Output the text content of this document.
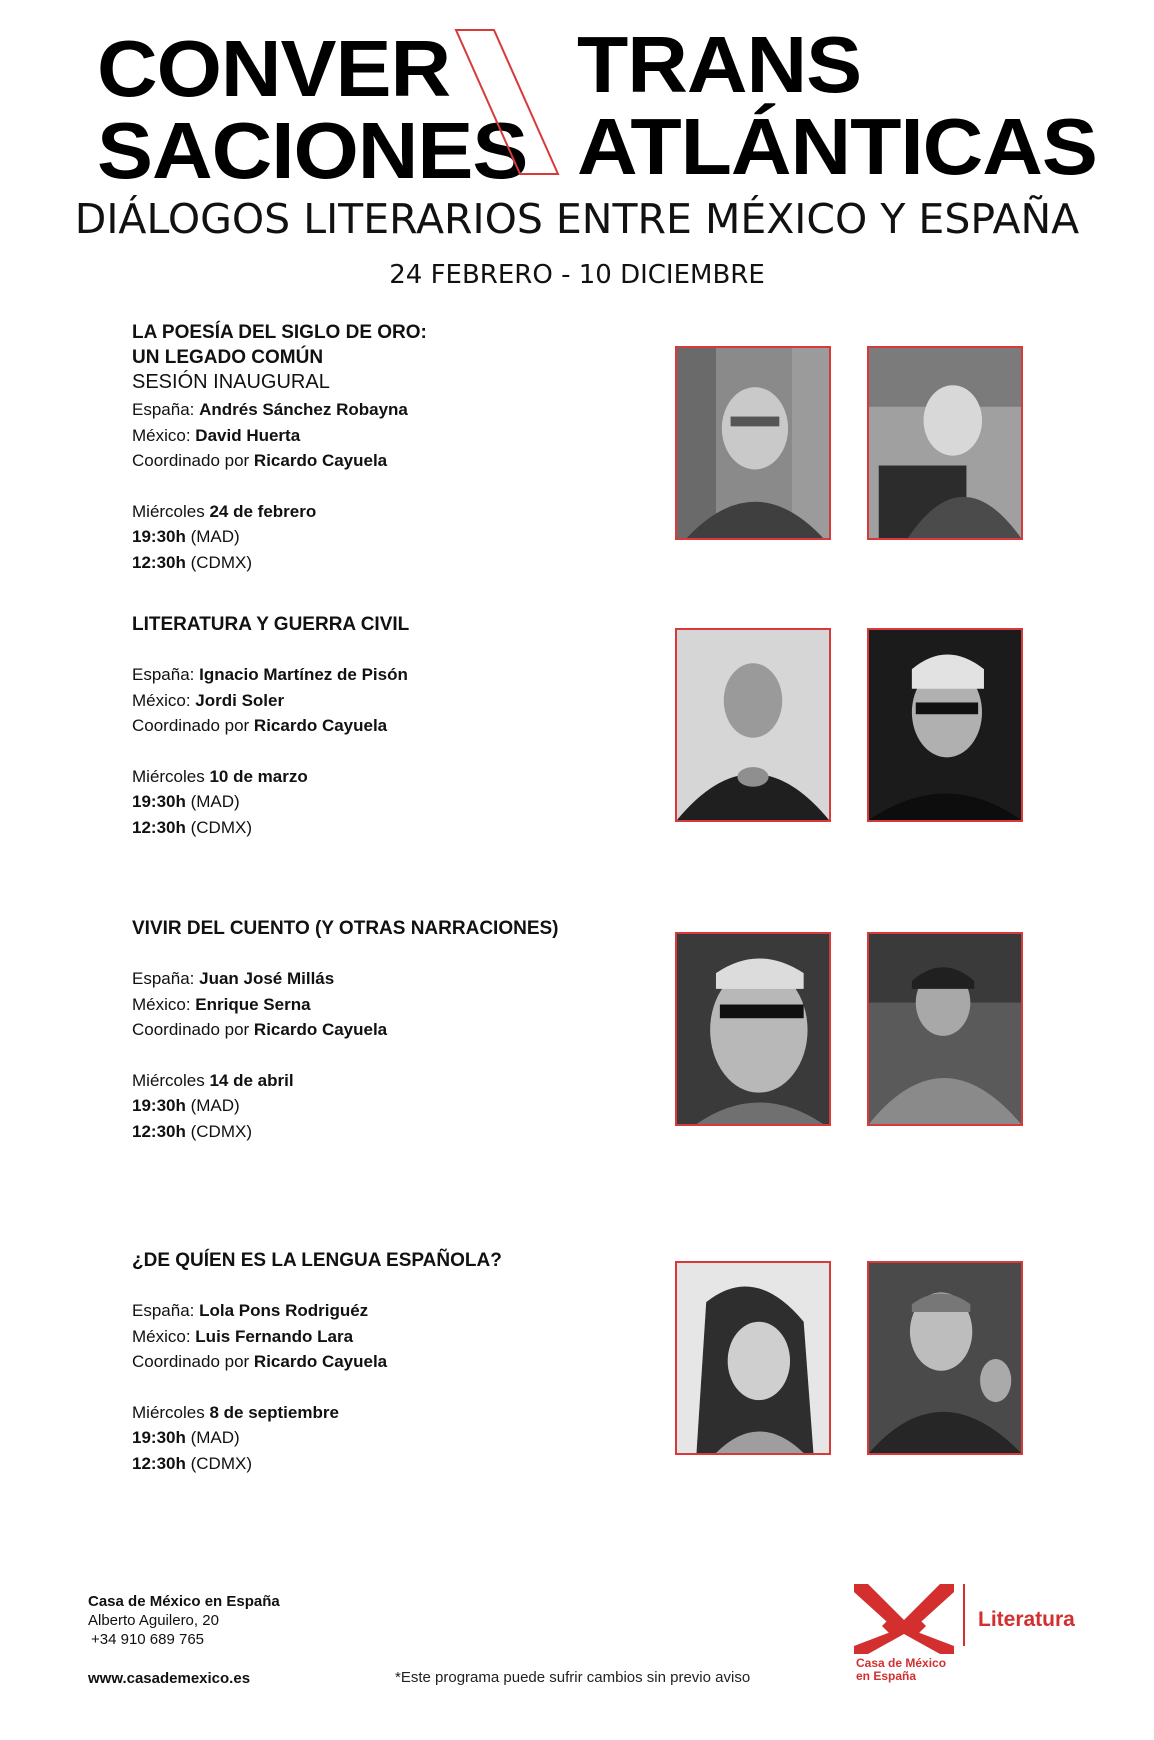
CONVER
SACIONES
TRANS
ATLÁNTICAS
DIÁLOGOS LITERARIOS ENTRE MÉXICO Y ESPAÑA
24 FEBRERO - 10 DICIEMBRE
LA POESÍA DEL SIGLO DE ORO:
UN LEGADO COMÚN
SESIÓN INAUGURAL
España: Andrés Sánchez Robayna
México: David Huerta
Coordinado por Ricardo Cayuela
Miércoles 24 de febrero
19:30h (MAD)
12:30h (CDMX)
LITERATURA Y GUERRA CIVIL
España: Ignacio Martínez de Pisón
México: Jordi Soler
Coordinado por Ricardo Cayuela
Miércoles 10 de marzo
19:30h (MAD)
12:30h (CDMX)
VIVIR DEL CUENTO (Y OTRAS NARRACIONES)
España: Juan José Millás
México: Enrique Serna
Coordinado por Ricardo Cayuela
Miércoles 14 de abril
19:30h (MAD)
12:30h (CDMX)
¿DE QUÍEN ES LA LENGUA ESPAÑOLA?
España: Lola Pons Rodriguéz
México: Luis Fernando Lara
Coordinado por Ricardo Cayuela
Miércoles 8 de septiembre
19:30h (MAD)
12:30h (CDMX)
Casa de México en España
Alberto Aguilero, 20
+34 910 689 765
www.casademexico.es	*Este programa puede sufrir cambios sin previo aviso
Literatura
Casa de México
en España
